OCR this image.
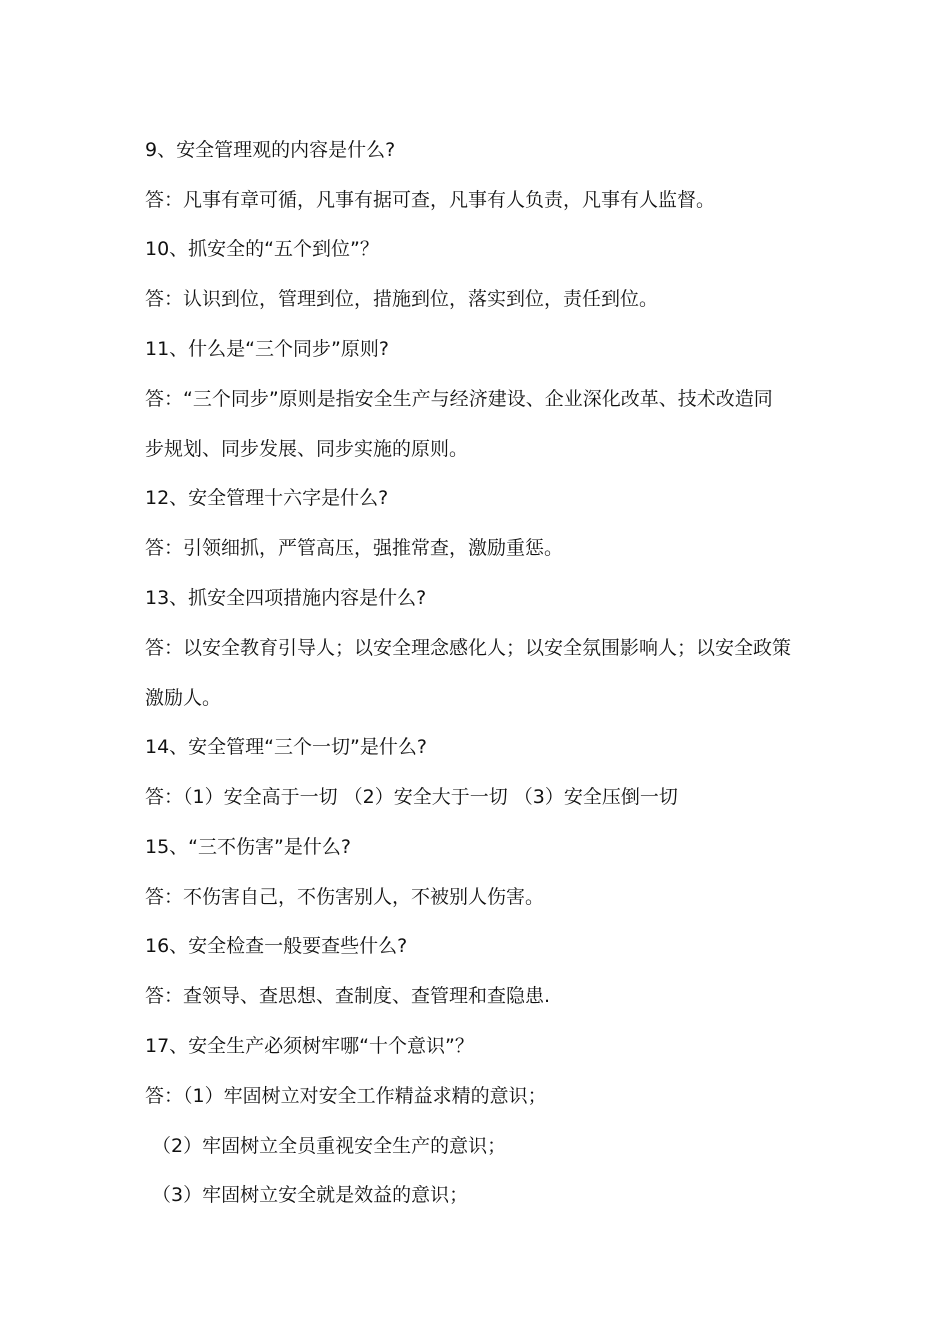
9、安全管理观的内容是什么?
答：凡事有章可循，凡事有据可查，凡事有人负责，凡事有人监督。
10、抓安全的“五个到位”？
答：认识到位，管理到位，措施到位，落实到位，责任到位。
11、什么是“三个同步”原则?
答：“三个同步”原则是指安全生产与经济建设、企业深化改革、技术改造同
步规划、同步发展、同步实施的原则。
12、安全管理十六字是什么?
答：引领细抓，严管高压，强推常查，激励重惩。
13、抓安全四项措施内容是什么?
答：以安全教育引导人；以安全理念感化人；以安全氛围影响人；以安全政策
激励人。
14、安全管理“三个一切”是什么?
答：（1）安全高于一切 （2）安全大于一切 （3）安全压倒一切
15、“三不伤害”是什么?
答：不伤害自己，不伤害别人，不被别人伤害。
16、安全检查一般要查些什么?
答：查领导、查思想、查制度、查管理和查隐患.
17、安全生产必须树牢哪“十个意识”？
答：（1）牢固树立对安全工作精益求精的意识；
（2）牢固树立全员重视安全生产的意识；
（3）牢固树立安全就是效益的意识；
